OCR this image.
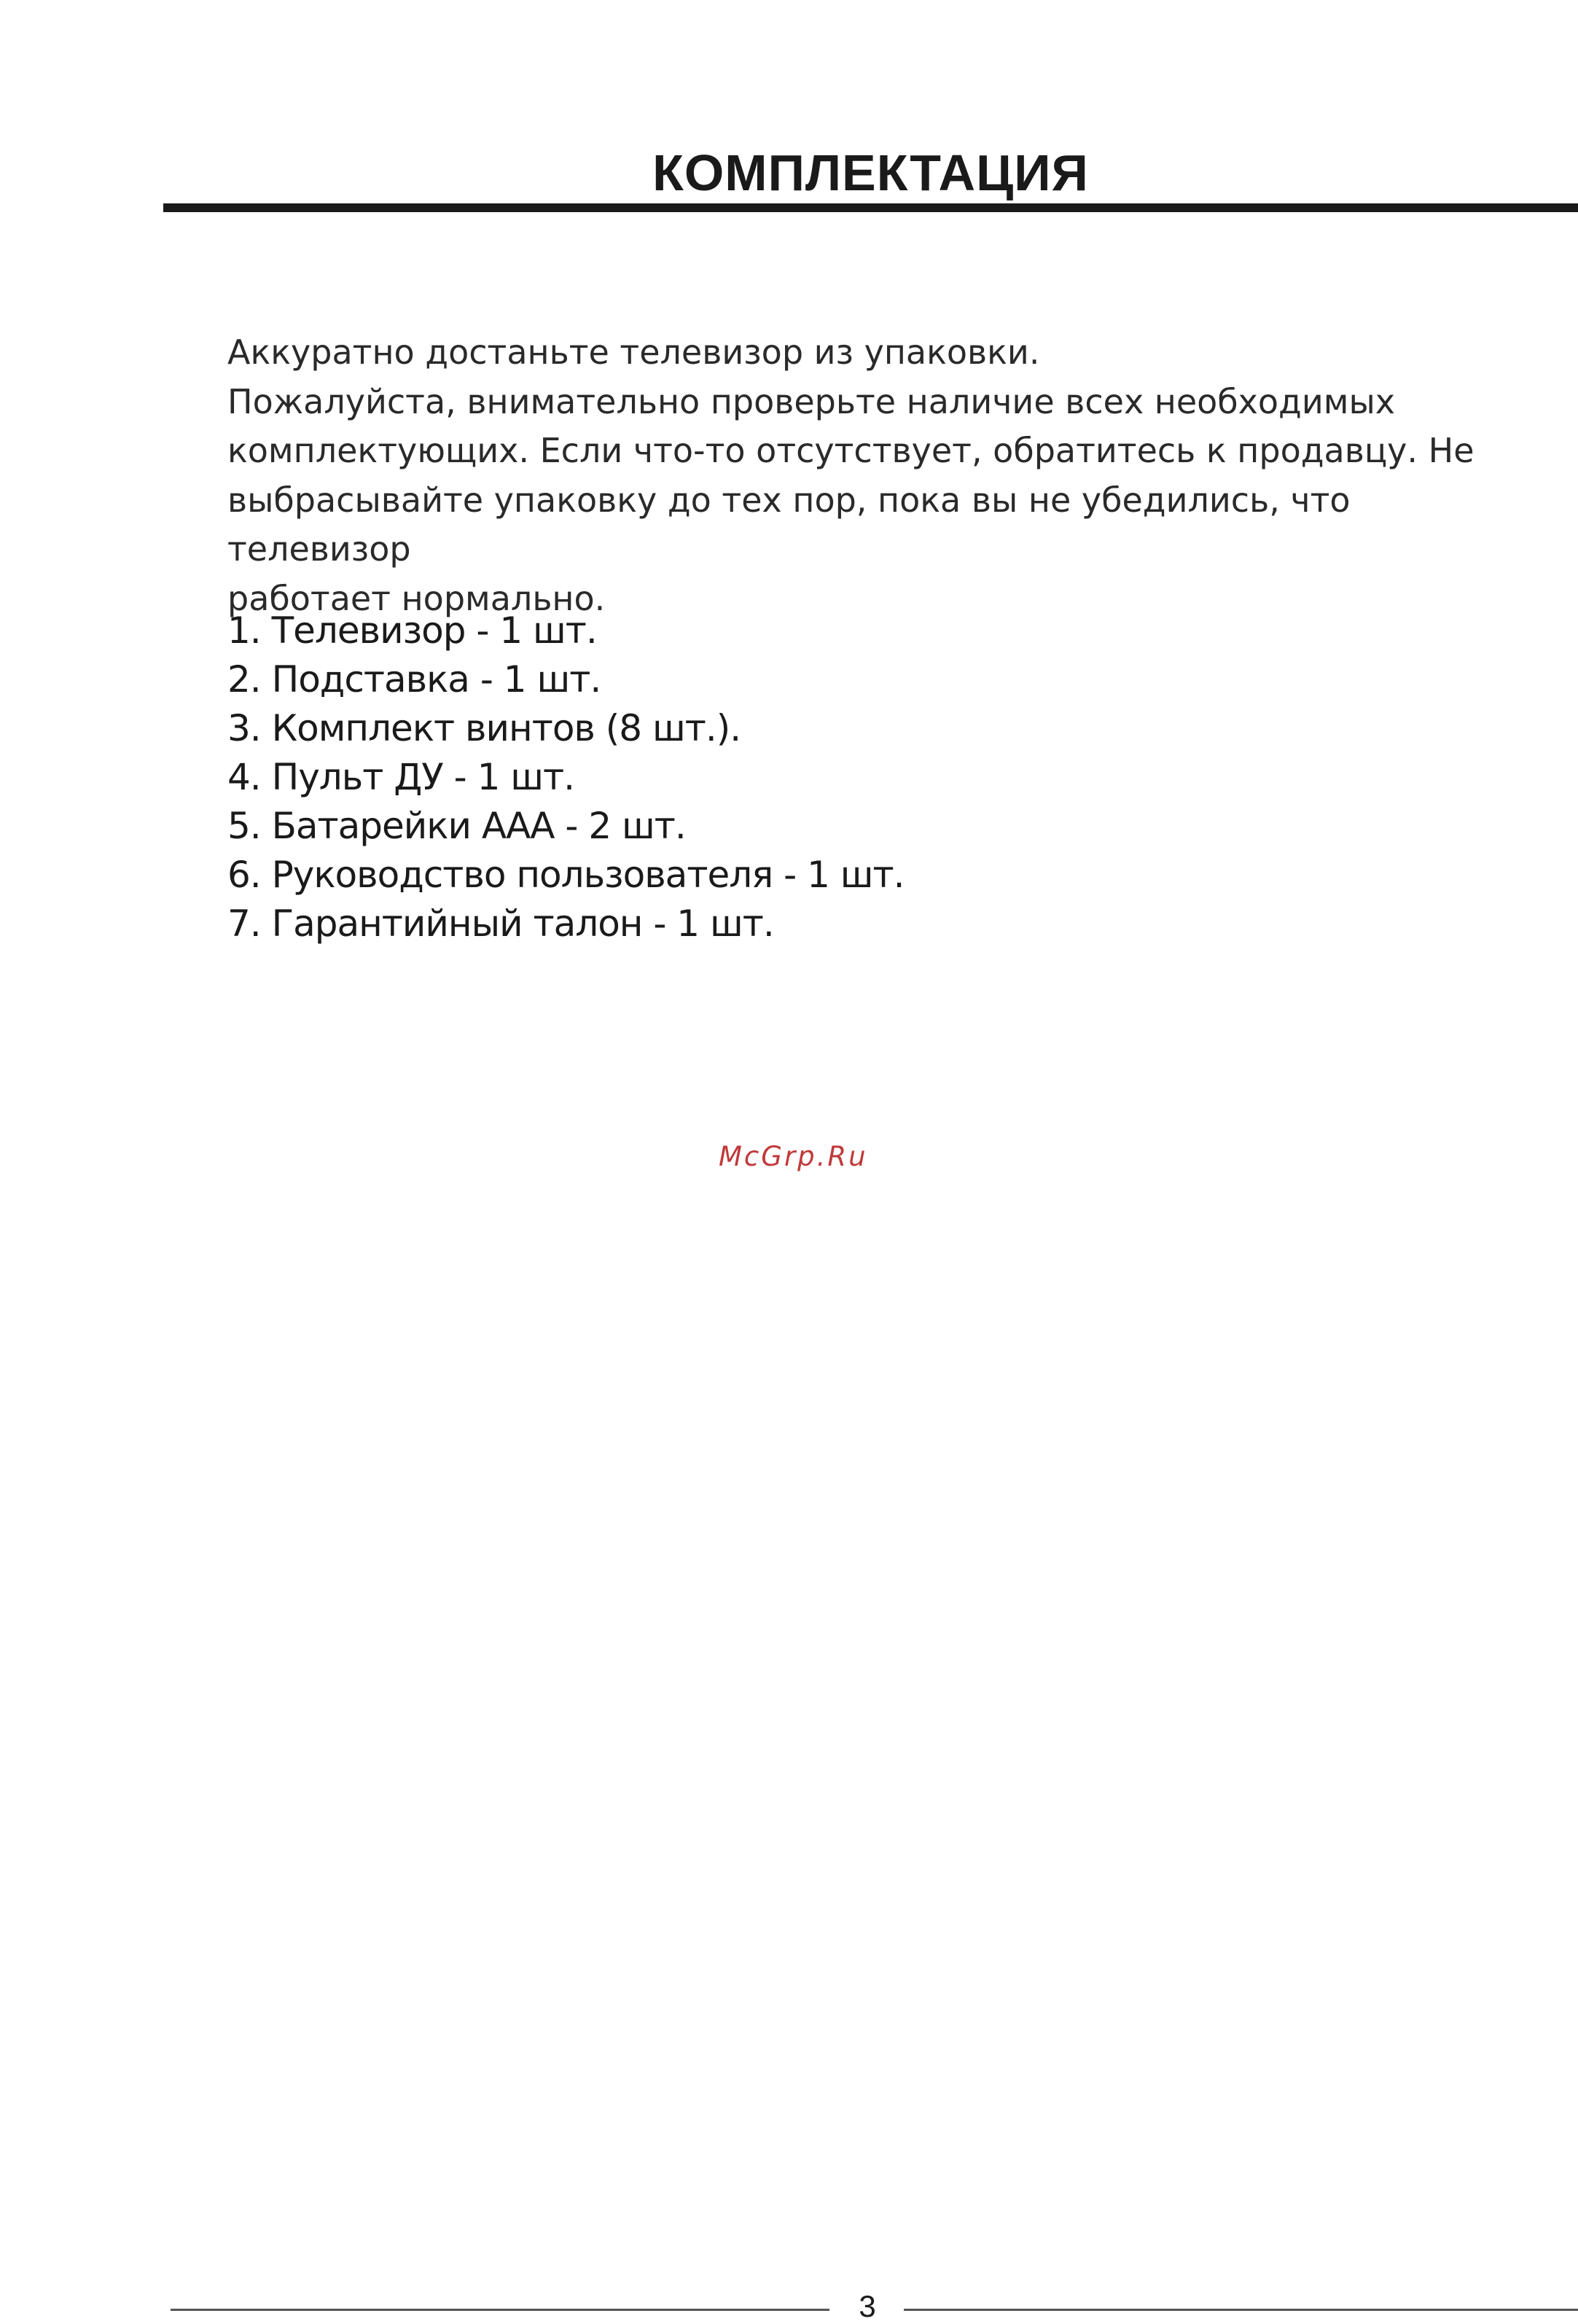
КОМПЛЕКТАЦИЯ

Аккуратно достаньте телевизор из упаковки.

Пожалуйста, внимательно проверьте наличие всех необходимых

комплектующих. Если что-то отсутствует, обратитесь к продавцу. Не

выбрасывайте упаковку до тех пор, пока вы не убедились, что телевизор

работает нормально.

1. Телевизор - 1 шт.
2. Подставка - 1 шт.
3. Комплект винтов (8 шт.).
4. Пульт ДУ - 1 шт.
5. Батарейки ААА - 2 шт.
6. Руководство пользователя - 1 шт.
7. Гарантийный талон - 1 шт.
McGrp.Ru
3
